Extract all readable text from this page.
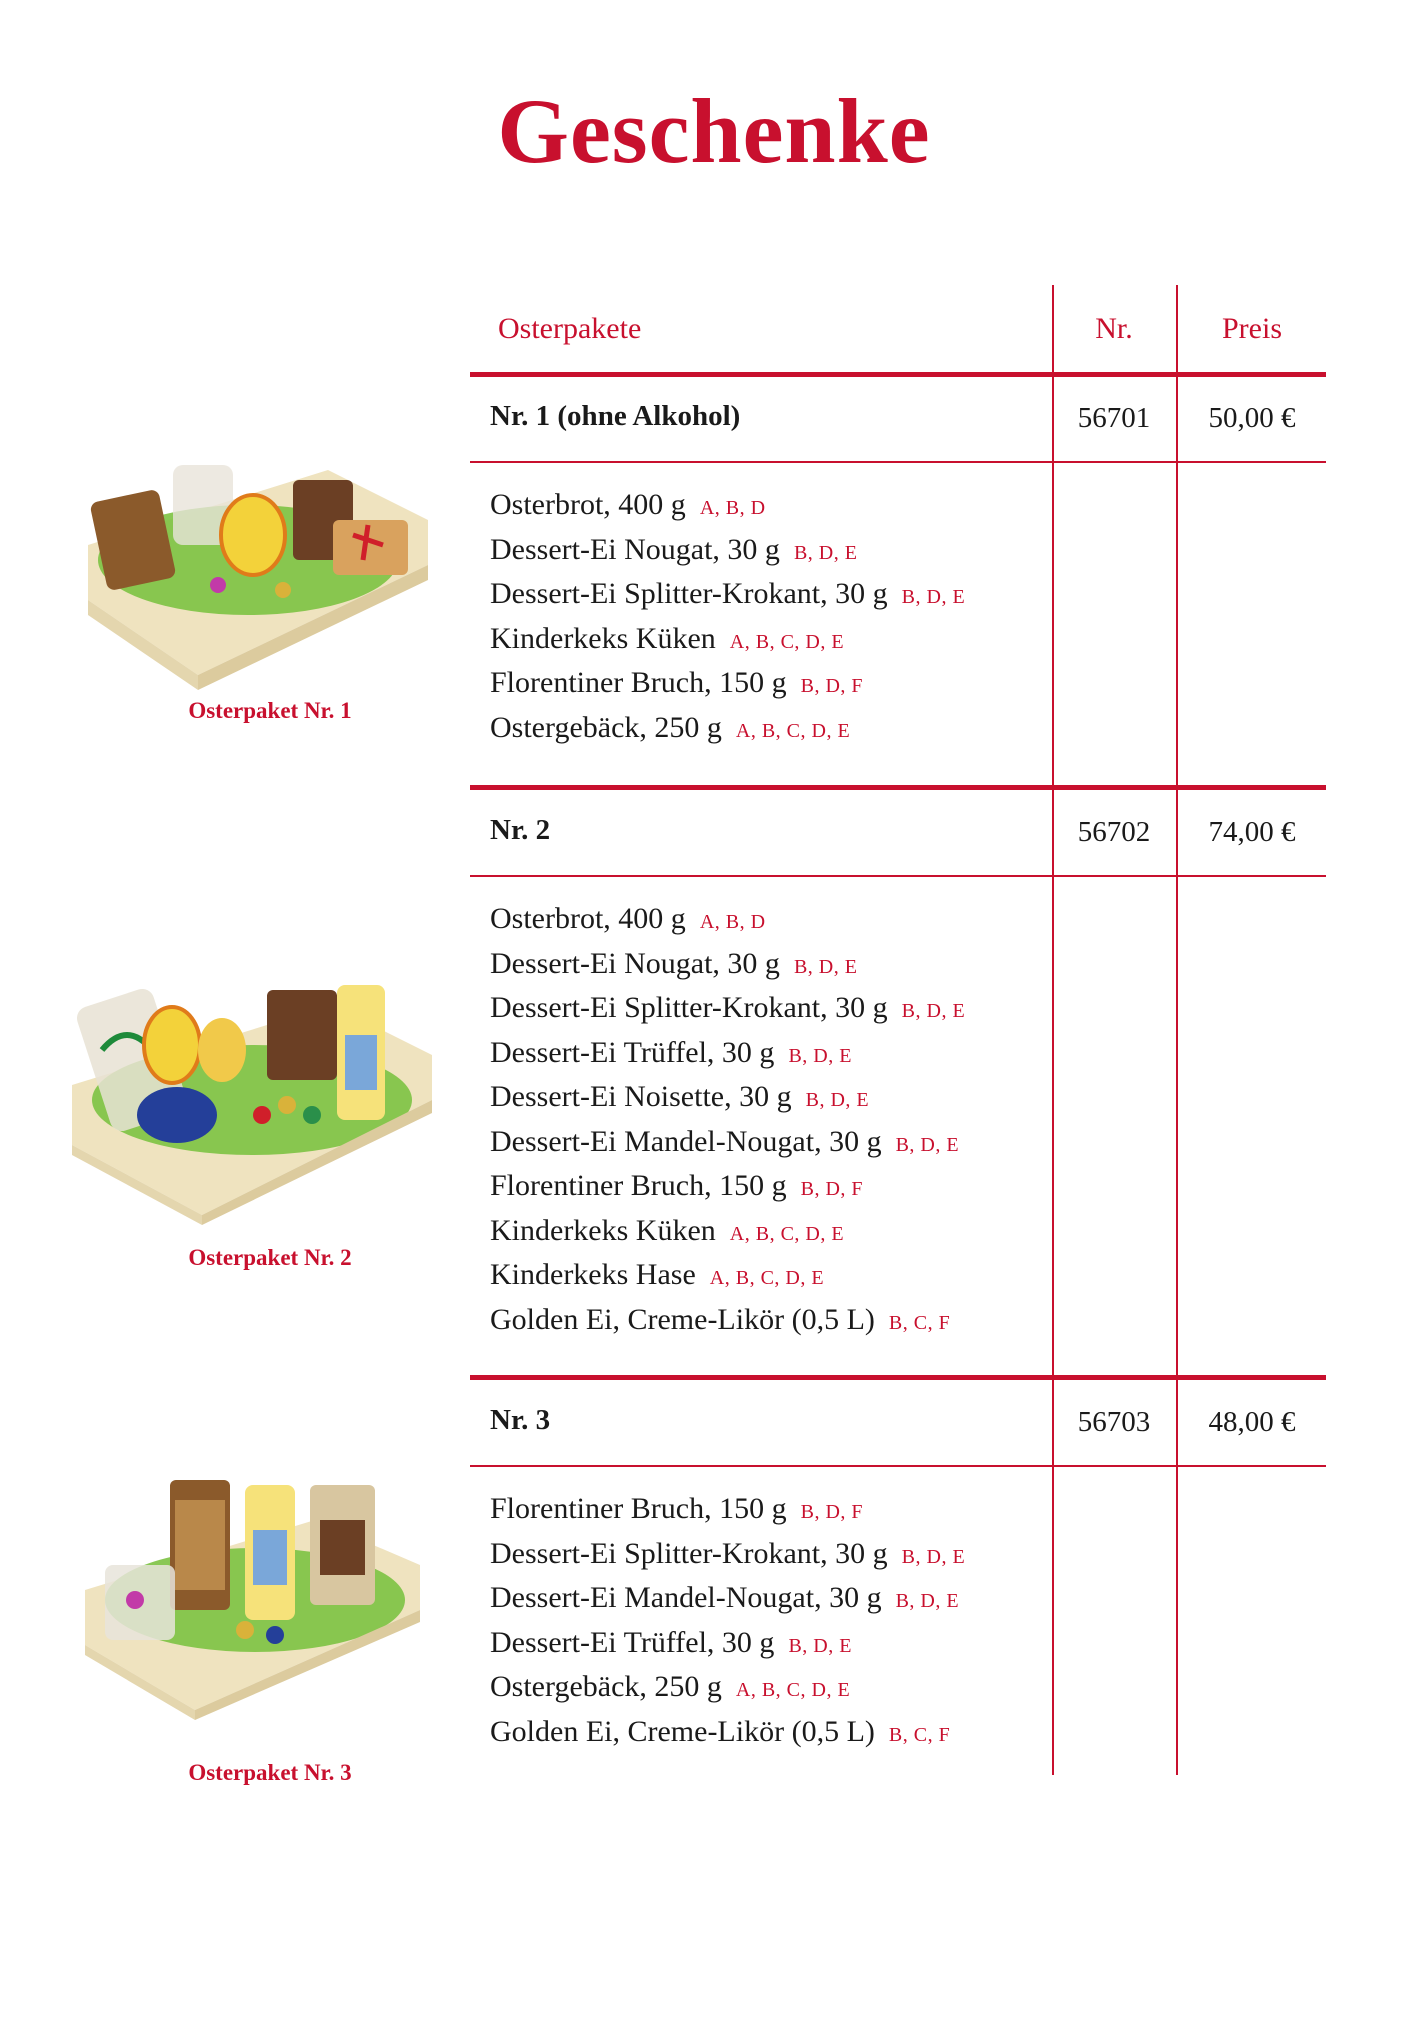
Geschenke
Osterpakete	Nr.	Preis
Nr. 1 (ohne Alkohol)	56701	50,00 €
Osterbrot, 400 g A, B, D
Dessert-Ei Nougat, 30 g B, D, E
Dessert-Ei Splitter-Krokant, 30 g B, D, E
Kinderkeks Küken A, B, C, D, E
Florentiner Bruch, 150 g B, D, F
Ostergebäck, 250 g A, B, C, D, E
Nr. 2	56702	74,00 €
Osterbrot, 400 g A, B, D
Dessert-Ei Nougat, 30 g B, D, E
Dessert-Ei Splitter-Krokant, 30 g B, D, E
Dessert-Ei Trüffel, 30 g B, D, E
Dessert-Ei Noisette, 30 g B, D, E
Dessert-Ei Mandel-Nougat, 30 g B, D, E
Florentiner Bruch, 150 g B, D, F
Kinderkeks Küken A, B, C, D, E
Kinderkeks Hase A, B, C, D, E
Golden Ei, Creme-Likör (0,5 L) B, C, F
Nr. 3	56703	48,00 €
Florentiner Bruch, 150 g B, D, F
Dessert-Ei Splitter-Krokant, 30 g B, D, E
Dessert-Ei Mandel-Nougat, 30 g B, D, E
Dessert-Ei Trüffel, 30 g B, D, E
Ostergebäck, 250 g A, B, C, D, E
Golden Ei, Creme-Likör (0,5 L) B, C, F
Osterpaket Nr. 1
Osterpaket Nr. 2
Osterpaket Nr. 3
